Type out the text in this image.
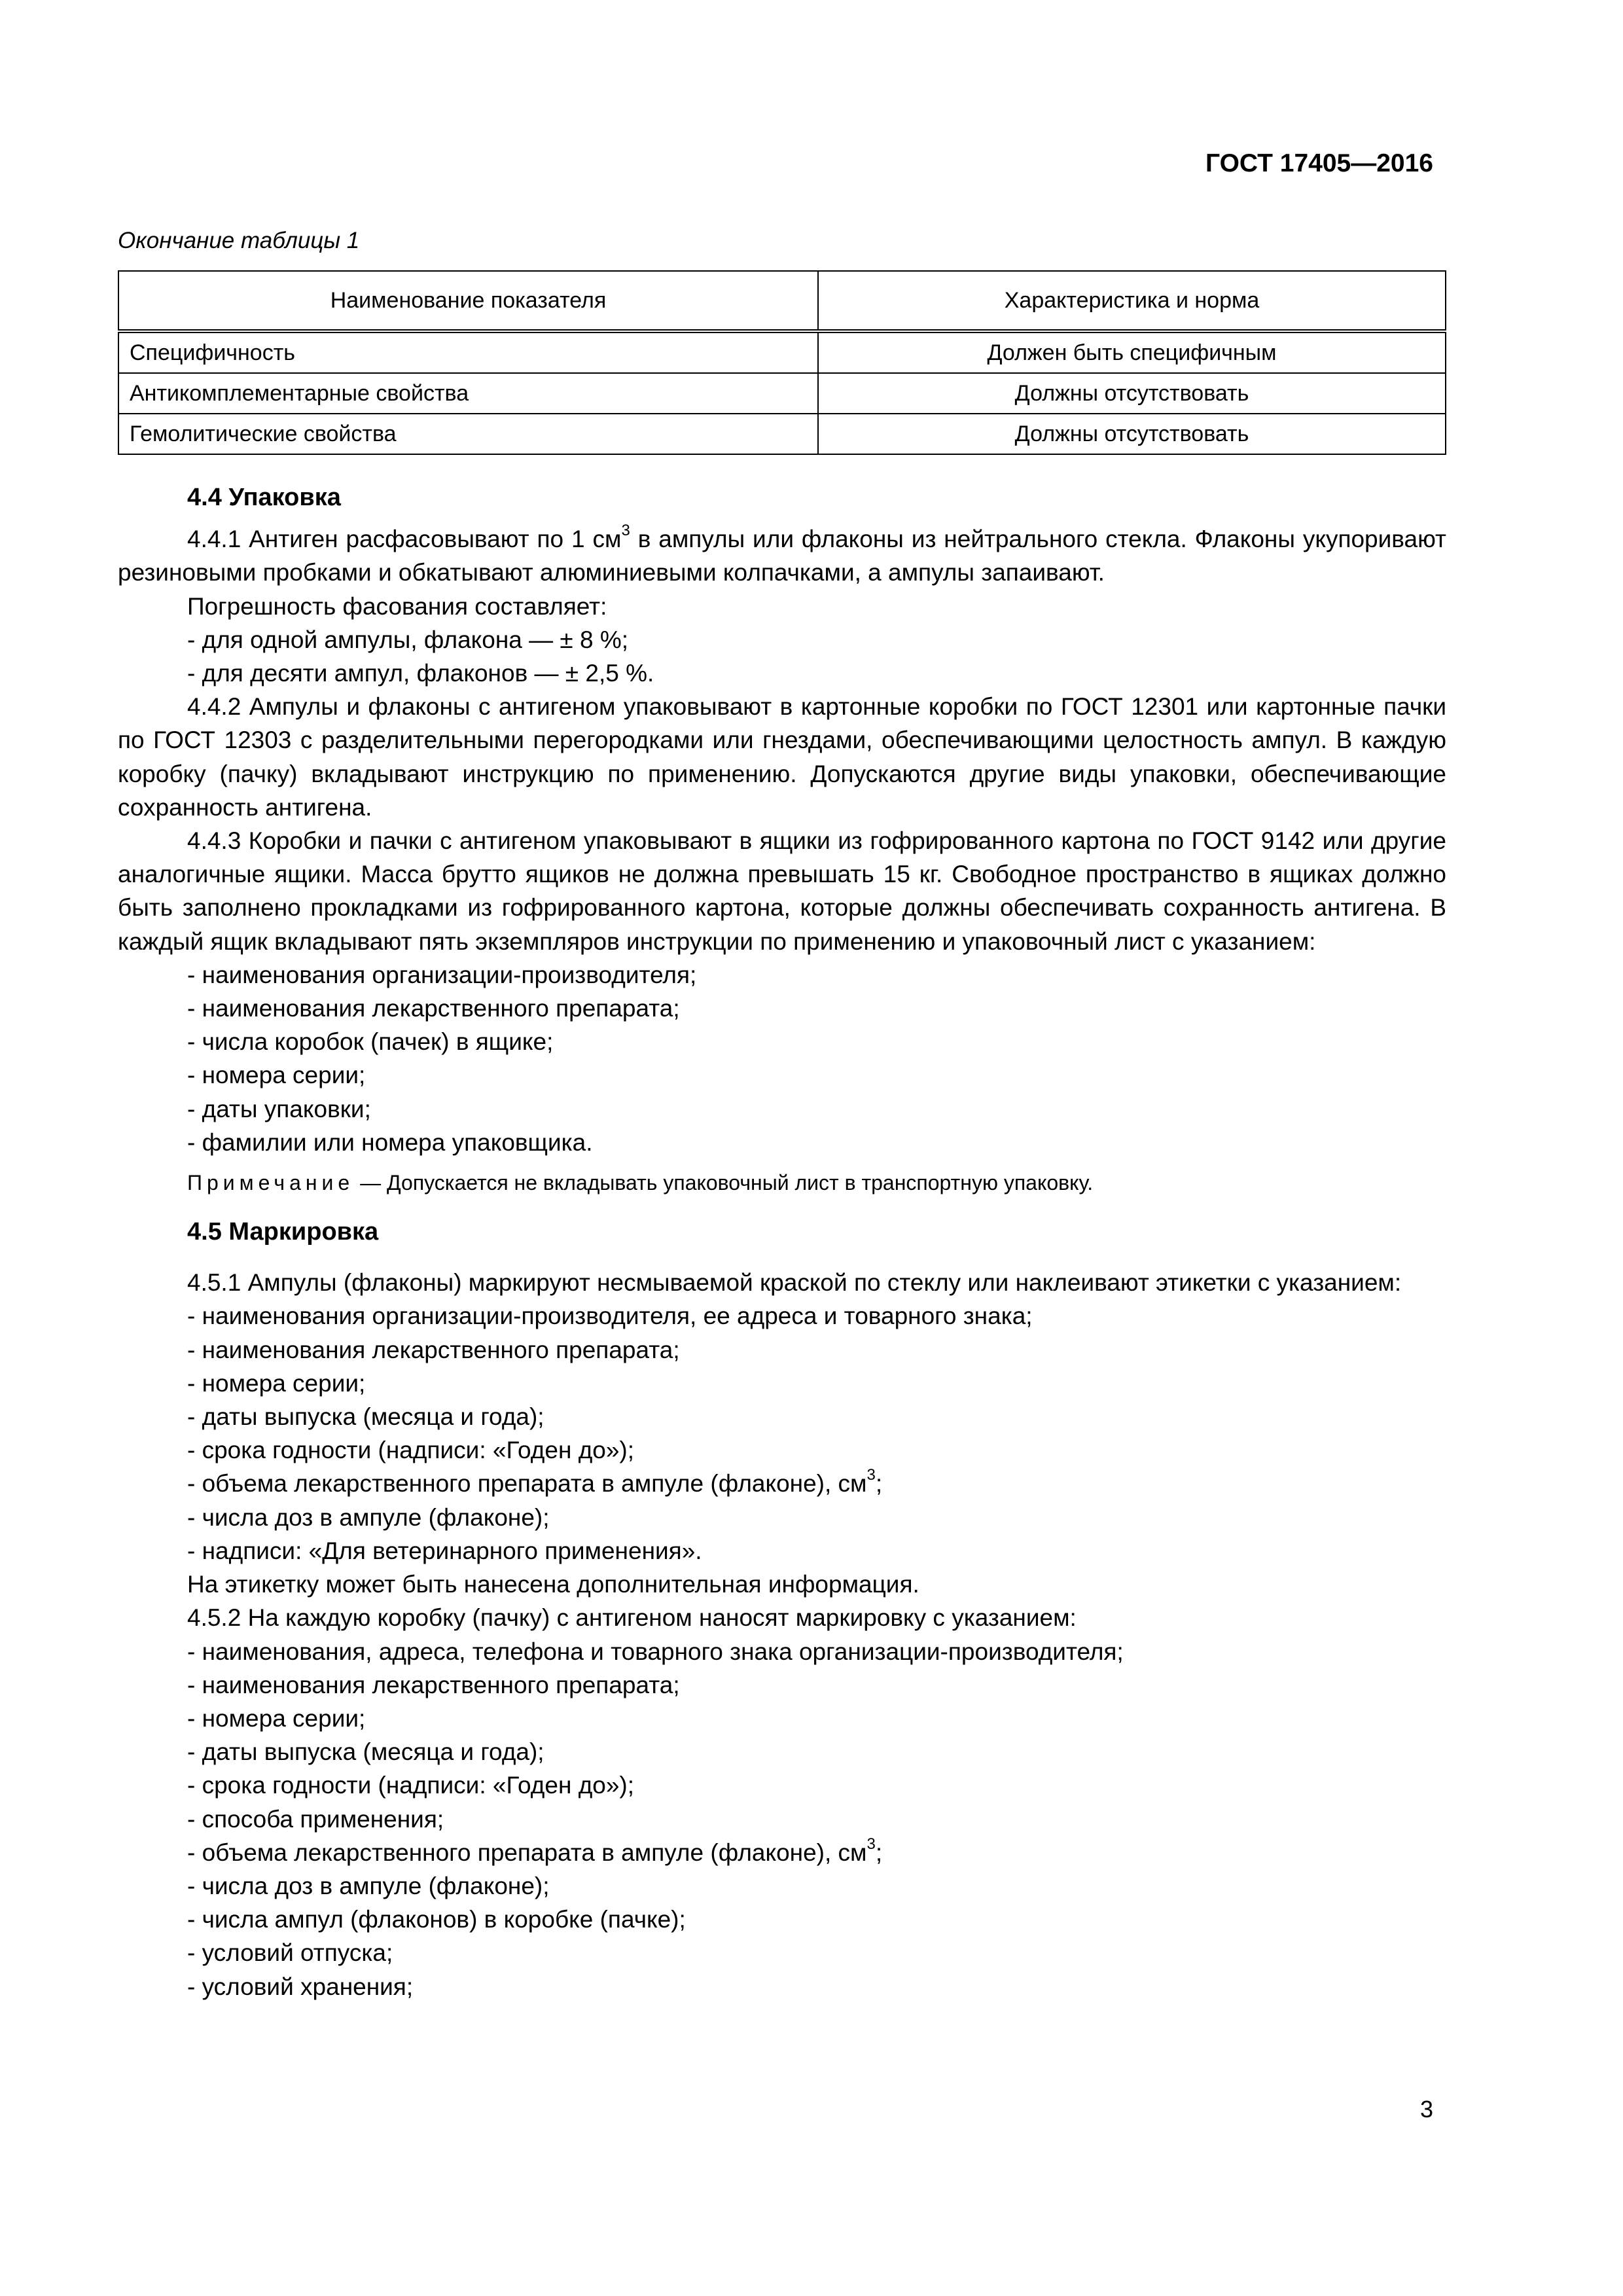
ГОСТ 17405—2016
Окончание таблицы 1
Наименование показателя	Характеристика и норма
Специфичность	Должен быть специфичным
Антикомплементарные свойства	Должны отсутствовать
Гемолитические свойства	Должны отсутствовать
4.4 Упаковка

4.4.1 Антиген расфасовывают по 1 $см^3$ в ампулы или флаконы из нейтрального стекла. Флаконы укупоривают резиновыми пробками и обкатывают алюминиевыми колпачками, а ампулы запаивают.

Погрешность фасования составляет:

- для одной ампулы, флакона — ± 8 %;

- для десяти ампул, флаконов — ± 2,5 %.

4.4.2 Ампулы и флаконы с антигеном упаковывают в картонные коробки по ГОСТ 12301 или картонные пачки по ГОСТ 12303 с разделительными перегородками или гнездами, обеспечивающими целостность ампул. В каждую коробку (пачку) вкладывают инструкцию по применению. Допускаются другие виды упаковки, обеспечивающие сохранность антигена.

4.4.3 Коробки и пачки с антигеном упаковывают в ящики из гофрированного картона по ГОСТ 9142 или другие аналогичные ящики. Масса брутто ящиков не должна превышать 15 кг. Свободное пространство в ящиках должно быть заполнено прокладками из гофрированного картона, которые должны обеспечивать сохранность антигена. В каждый ящик вкладывают пять экземпляров инструкции по применению и упаковочный лист с указанием:

- наименования организации-производителя;

- наименования лекарственного препарата;

- числа коробок (пачек) в ящике;

- номера серии;

- даты упаковки;

- фамилии или номера упаковщика.

Примечание — Допускается не вкладывать упаковочный лист в транспортную упаковку.

4.5 Маркировка

4.5.1 Ампулы (флаконы) маркируют несмываемой краской по стеклу или наклеивают этикетки с указанием:

- наименования организации-производителя, ее адреса и товарного знака;

- наименования лекарственного препарата;

- номера серии;

- даты выпуска (месяца и года);

- срока годности (надписи: «Годен до»);

- объема лекарственного препарата в ампуле (флаконе), $см^3$;

- числа доз в ампуле (флаконе);

- надписи: «Для ветеринарного применения».

На этикетку может быть нанесена дополнительная информация.

4.5.2 На каждую коробку (пачку) с антигеном наносят маркировку с указанием:

- наименования, адреса, телефона и товарного знака организации-производителя;

- наименования лекарственного препарата;

- номера серии;

- даты выпуска (месяца и года);

- срока годности (надписи: «Годен до»);

- способа применения;

- объема лекарственного препарата в ампуле (флаконе), $см^3$;

- числа доз в ампуле (флаконе);

- числа ампул (флаконов) в коробке (пачке);

- условий отпуска;

- условий хранения;

3
